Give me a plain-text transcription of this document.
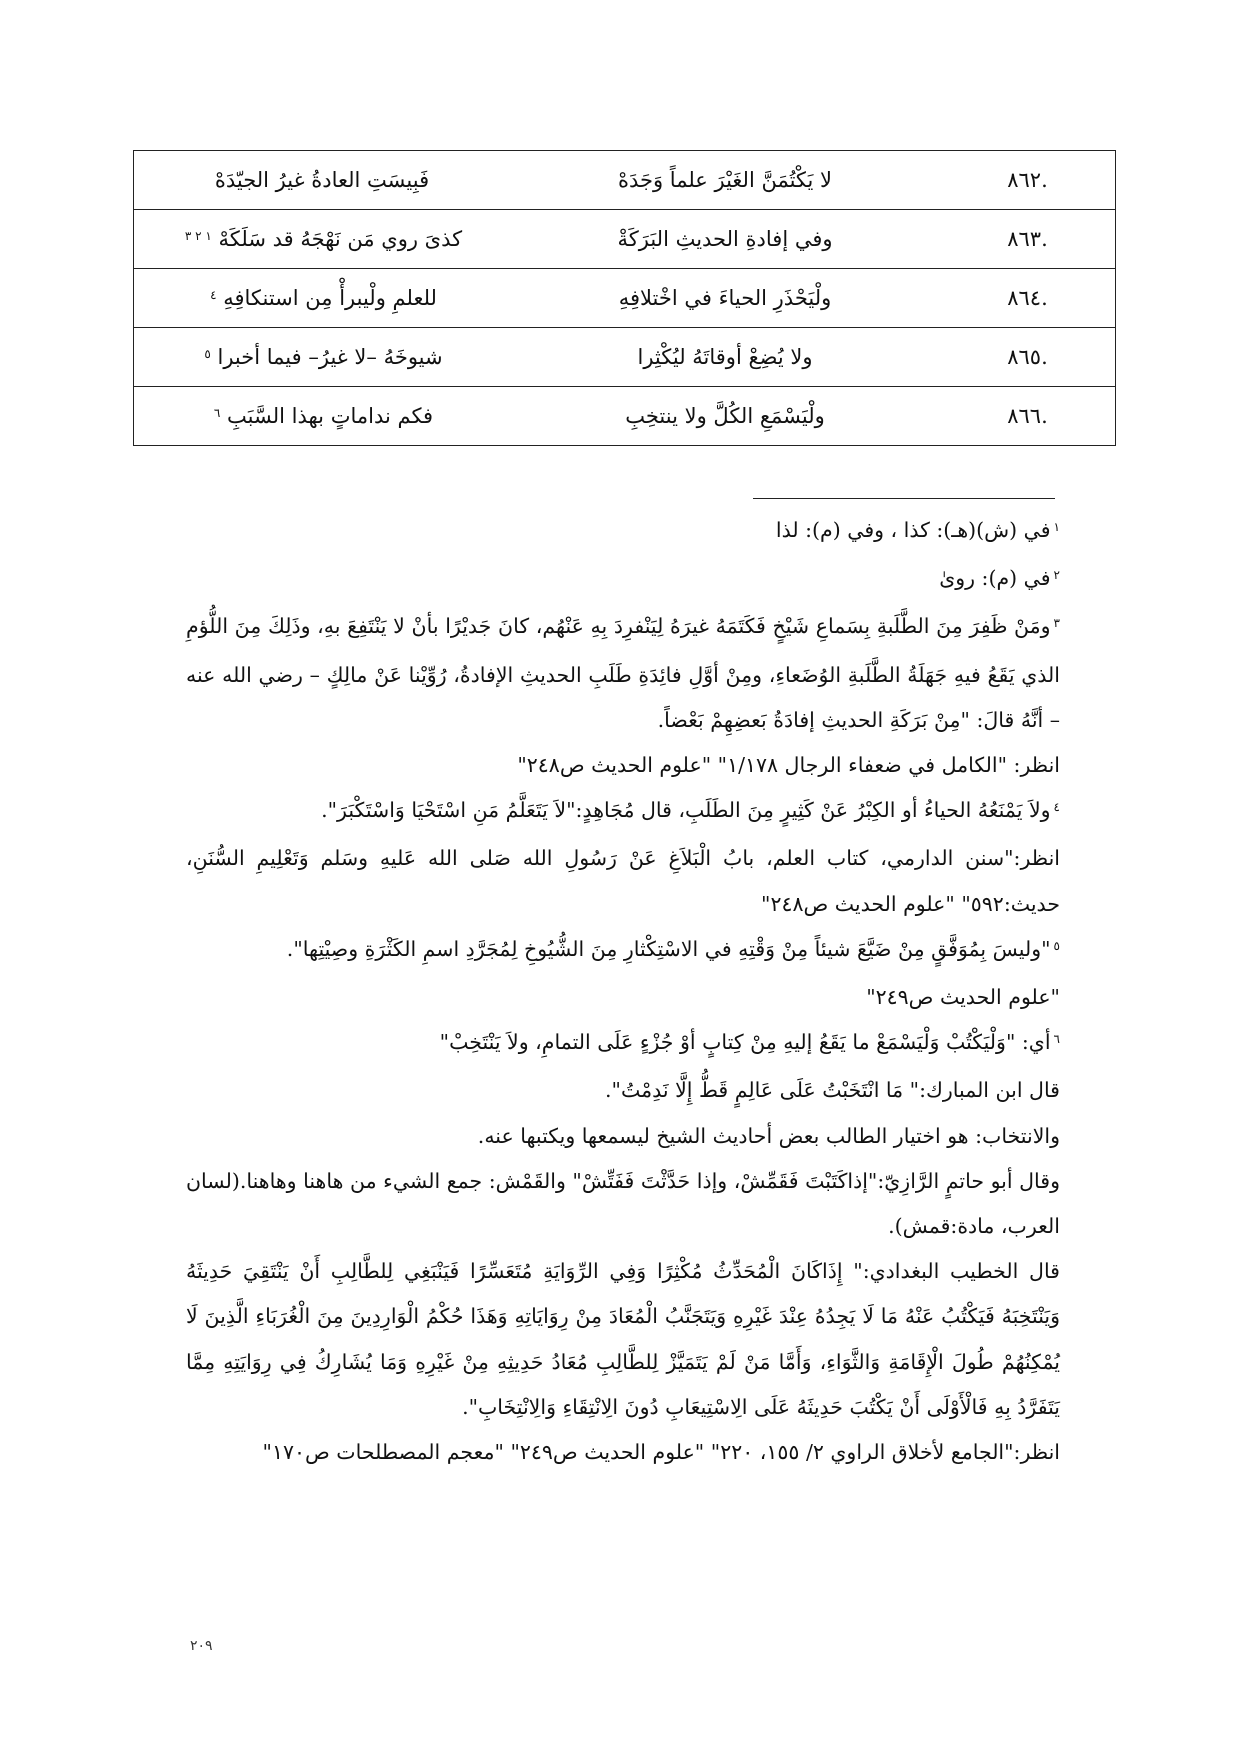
.٨٦٢	لا يَكْتُمَنَّ الغَيْرَ علماً وَجَدَهْ	فَبِيسَتِ العادةُ غيرُ الجيّدَهْ
.٨٦٣	وفي إفادةِ الحديثِ البَرَكَةْ	كذىَ روي مَن نَهْجَهُ قد سَلَكَهْ $^{١ ٢ ٣}$
.٨٦٤	ولْيَحْذَرِ الحياءَ في اخْتلافِهِ	للعلمِ ولْيبرأْ مِن استنكافِهِ $^٤$
.٨٦٥	ولا يُضِعْ أوقاتَهُ ليُكْثِرا	شيوخَهُ –لا غيرُ– فيما أخبرا $^٥$
.٨٦٦	ولْيَسْمَعِ الكُلَّ ولا ينتخِبِ	فكم نداماتٍ بهذا السَّبَبِ $^٦$

$^١$في (ش)(هـ): كذا ، وفي (م): لذا

$^٢$في (م): روىٰ

$^٣$ومَنْ ظَفِرَ مِنَ الطَّلَبةِ بِسَماعِ شَيْخٍ فَكَتَمَهُ غيرَهُ لِيَنْفرِدَ بِهِ عَنْهُم، كانَ جَديْرًا بأنْ لا يَنْتَفِعَ بهِ، وذَلِكَ مِنَ اللُّؤمِ الذي يَقَعُ فيهِ جَهَلَةُ الطَّلَبةِ الوُضَعاءِ، ومِنْ أوَّلِ فائِدَةِ طَلَبِ الحديثِ الإفادةُ، رُوِّيْنا عَنْ مالِكٍ – رضي الله عنه – أنَّهُ قالَ: "مِنْ بَرَكَةِ الحديثِ إفادَةُ بَعضِهِمْ بَعْضاً.

انظر: "الكامل في ضعفاء الرجال ١/١٧٨" "علوم الحديث ص٢٤٨"

$^٤$ولاَ يَمْنَعُهُ الحياءُ أو الكِبْرُ عَنْ كَثِيرٍ مِنَ الطَلَبِ، قال مُجَاهِدٍ:"لاَ يَتَعَلَّمُ مَنِ اسْتَحْيَا وَاسْتَكْبَرَ".

انظر:"سنن الدارمي، كتاب العلم، بابُ الْبَلاَغِ عَنْ رَسُولِ الله صَلى الله عَليهِ وسَلم وَتَعْلِيمِ السُّنَنِ، حديث:٥٩٢" "علوم الحديث ص٢٤٨"

$^٥$"وليسَ بِمُوَفَّقٍ مِنْ ضَيَّعَ شيئاً مِنْ وَقْتِهِ في الاسْتِكْثارِ مِنَ الشُّيُوخِ لِمُجَرَّدِ اسمِ الكَثْرَةِ وصِيْتِها".

"علوم الحديث ص٢٤٩"

$^٦$أي: "وَلْيَكْتُبْ وَلْيَسْمَعْ ما يَقَعُ إليهِ مِنْ كِتابٍ أوْ جُزْءٍ عَلَى التمامِ، ولاَ يَنْتَخِبْ"

قال ابن المبارك:" مَا انْتَخَبْتُ عَلَى عَالِمٍ قَطُّ إِلَّا نَدِمْتُ".

والانتخاب: هو اختيار الطالب بعض أحاديث الشيخ ليسمعها ويكتبها عنه.

وقال أبو حاتمٍ الرَّازِيّ:"إذاكَتَبْتَ فَقَمِّشْ، وإذا حَدَّثْتَ فَفَتِّشْ" والقَمْش: جمع الشيء من هاهنا وهاهنا.(لسان العرب، مادة:قمش).

قال الخطيب البغدادي:" إِذَاكَانَ الْمُحَدِّثُ مُكْثِرًا وَفِي الرِّوَايَةِ مُتَعَسِّرًا فَيَنْبَغِي لِلطَّالِبِ أَنْ يَنْتَقِيَ حَدِيثَهُ وَيَنْتَخِبَهُ فَيَكْتُبُ عَنْهُ مَا لَا يَجِدُهُ عِنْدَ غَيْرِهِ وَيَتَجَنَّبُ الْمُعَادَ مِنْ رِوَايَاتِهِ وَهَذَا حُكْمُ الْوَارِدِينَ مِنَ الْغُرَبَاءِ الَّذِينَ لَا يُمْكِنُهُمْ طُولَ الْإِقَامَةِ وَالثَّوَاءِ، وَأَمَّا مَنْ لَمْ يَتَمَيَّزْ لِلطَّالِبِ مُعَادُ حَدِيثِهِ مِنْ غَيْرِهِ وَمَا يُشَارِكُ فِي رِوَايَتِهِ مِمَّا يَتَفَرَّدُ بِهِ فَالْأَوْلَى أَنْ يَكْتُبَ حَدِيثَهُ عَلَى الِاسْتِيعَابِ دُونَ الِانْتِقَاءِ وَالِانْتِخَابِ".

انظر:"الجامع لأخلاق الراوي ٢/ ١٥٥، ٢٢٠" "علوم الحديث ص٢٤٩" "معجم المصطلحات ص١٧٠"

٢٠٩
